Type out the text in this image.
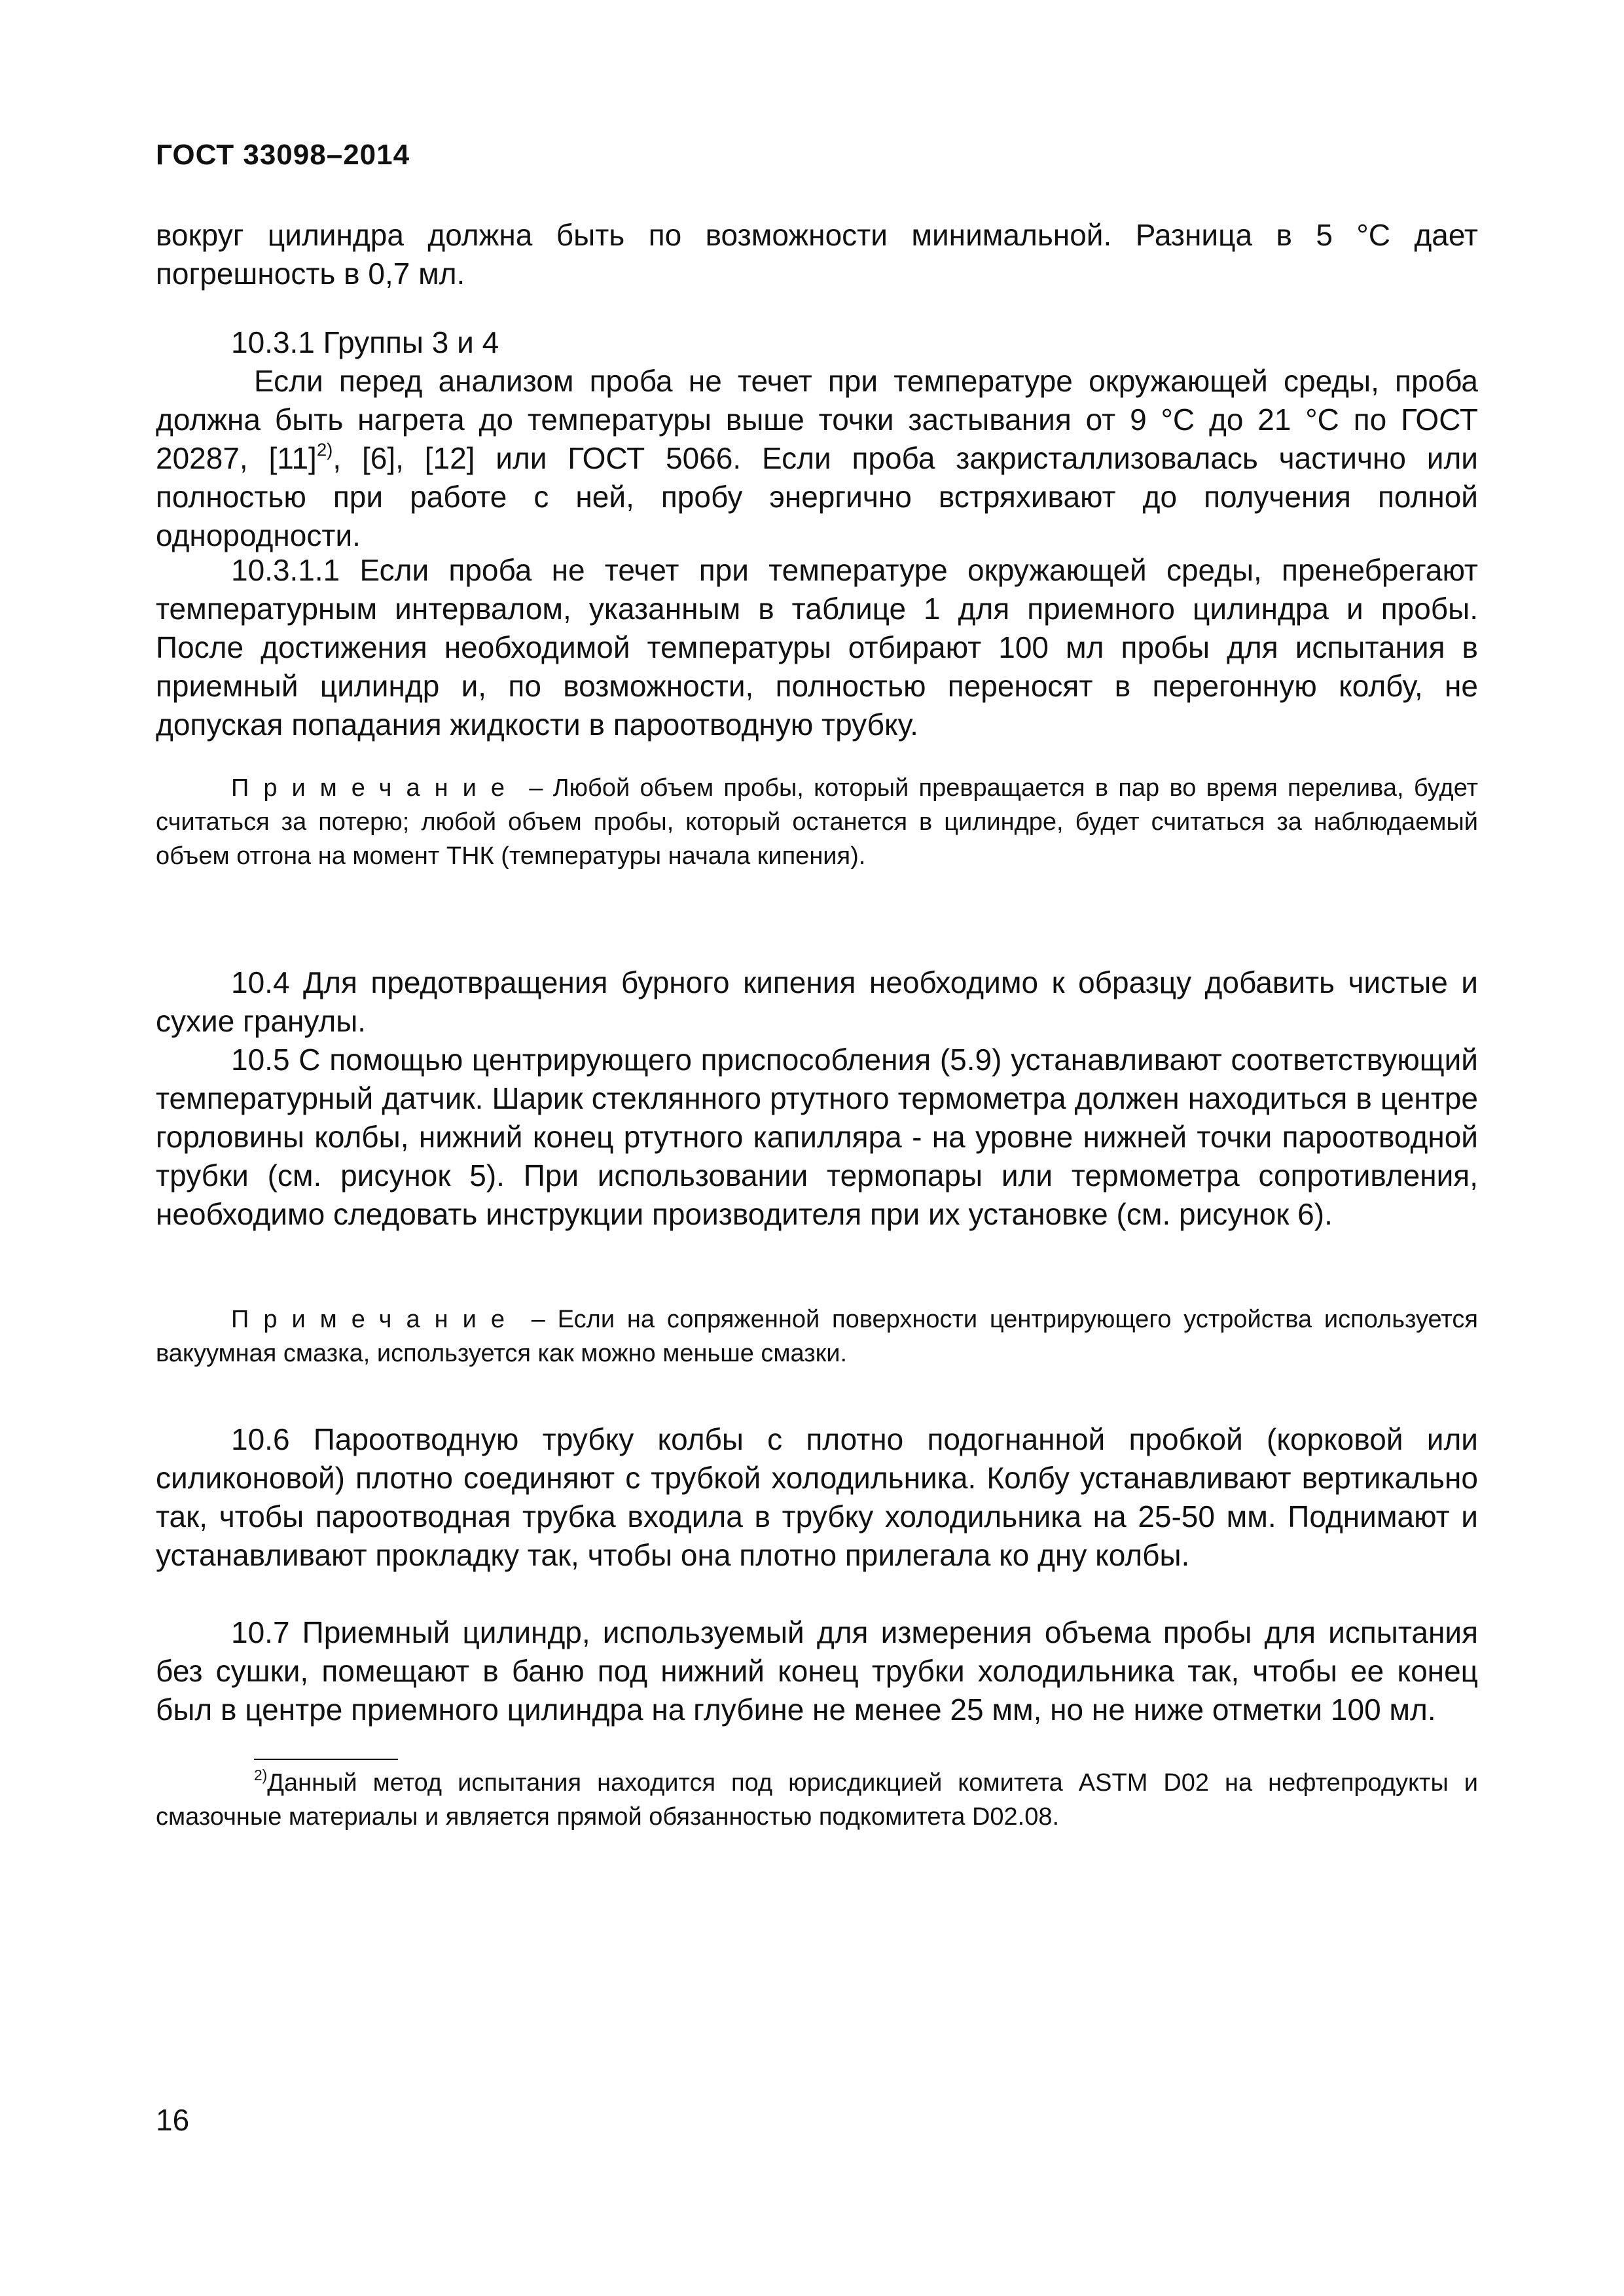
ГОСТ 33098–2014

вокруг цилиндра должна быть по возможности минимальной. Разница в 5 °С дает погрешность в 0,7 мл.

10.3.1 Группы 3 и 4

Если перед анализом проба не течет при температуре окружающей среды, проба должна быть нагрета до температуры выше точки застывания от 9 °С до 21 °С по ГОСТ 20287, $[11]^{2)}$, [6], [12] или ГОСТ 5066. Если проба закристаллизовалась частично или полностью при работе с ней, пробу энергично встряхивают до получения полной однородности.

10.3.1.1 Если проба не течет при температуре окружающей среды, пренебрегают температурным интервалом, указанным в таблице 1 для приемного цилиндра и пробы. После достижения необходимой температуры отбирают 100 мл пробы для испытания в приемный цилиндр и, по возможности, полностью переносят в перегонную колбу, не допуская попадания жидкости в пароотводную трубку.

Примечание – Любой объем пробы, который превращается в пар во время перелива, будет считаться за потерю; любой объем пробы, который останется в цилиндре, будет считаться за наблюдаемый объем отгона на момент ТНК (температуры начала кипения).

10.4 Для предотвращения бурного кипения необходимо к образцу добавить чистые и сухие гранулы.

10.5 С помощью центрирующего приспособления (5.9) устанавливают соответствующий температурный датчик. Шарик стеклянного ртутного термометра должен находиться в центре горловины колбы, нижний конец ртутного капилляра - на уровне нижней точки пароотводной трубки (см. рисунок 5). При использовании термопары или термометра сопротивления, необходимо следовать инструкции производителя при их установке (см. рисунок 6).

Примечание – Если на сопряженной поверхности центрирующего устройства используется вакуумная смазка, используется как можно меньше смазки.

10.6 Пароотводную трубку колбы с плотно подогнанной пробкой (корковой или силиконовой) плотно соединяют с трубкой холодильника. Колбу устанавливают вертикально так, чтобы пароотводная трубка входила в трубку холодильника на 25-50 мм. Поднимают и устанавливают прокладку так, чтобы она плотно прилегала ко дну колбы.

10.7 Приемный цилиндр, используемый для измерения объема пробы для испытания без сушки, помещают в баню под нижний конец трубки холодильника так, чтобы ее конец был в центре приемного цилиндра на глубине не менее 25 мм, но не ниже отметки 100 мл.

$^{2)}$Данный метод испытания находится под юрисдикцией комитета ASTM D02 на нефтепродукты и смазочные материалы и является прямой обязанностью подкомитета D02.08.

16
